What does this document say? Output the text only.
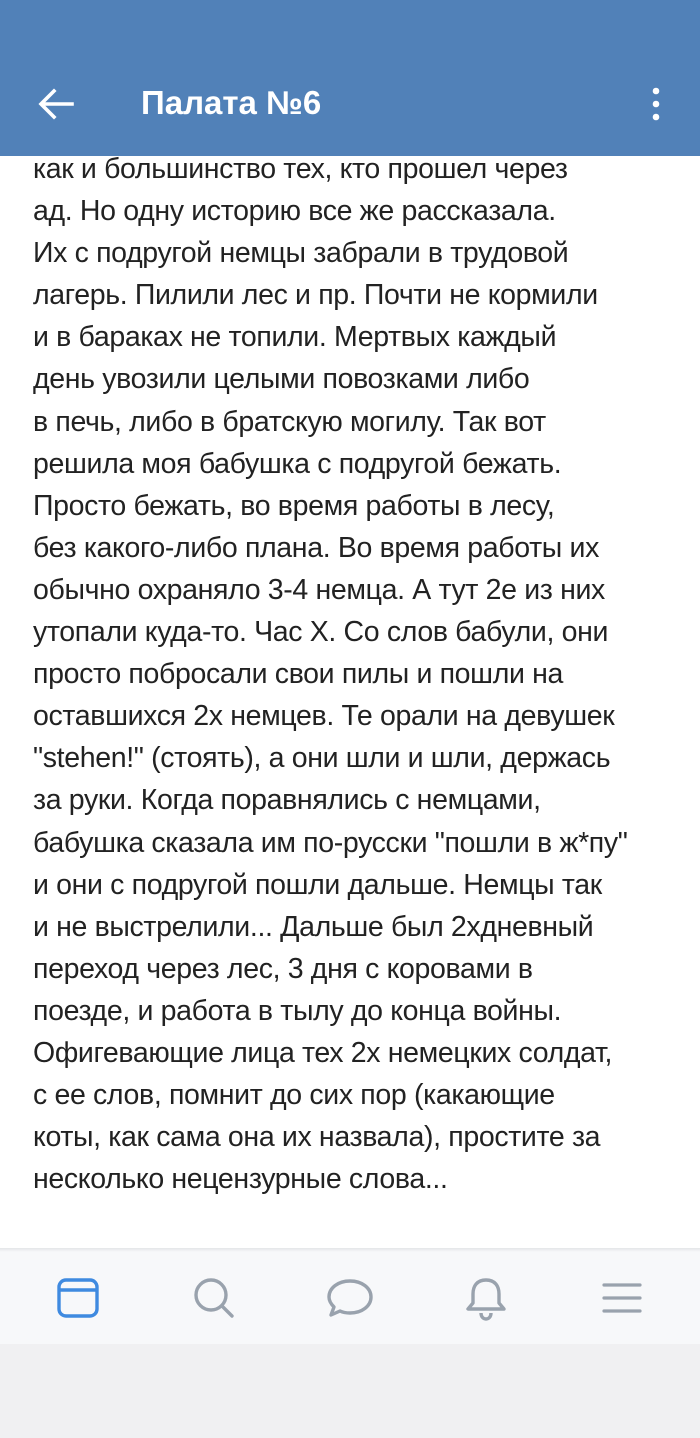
Палата №6
как и большинство тех, кто прошел через
ад. Но одну историю все же рассказала.
Их с подругой немцы забрали в трудовой
лагерь. Пилили лес и пр. Почти не кормили
и в бараках не топили. Мертвых каждый
день увозили целыми повозками либо
в печь, либо в братскую могилу. Так вот
решила моя бабушка с подругой бежать.
Просто бежать, во время работы в лесу,
без какого-либо плана. Во время работы их
обычно охраняло 3-4 немца. А тут 2е из них
утопали куда-то. Час Х. Со слов бабули, они
просто побросали свои пилы и пошли на
оставшихся 2х немцев. Те орали на девушек
"stehen!" (стоять), а они шли и шли, держась
за руки. Когда поравнялись с немцами,
бабушка сказала им по-русски "пошли в ж*пу"
и они с подругой пошли дальше. Немцы так
и не выстрелили... Дальше был 2хдневный
переход через лес, 3 дня с коровами в
поезде, и работа в тылу до конца войны.
Офигевающие лица тех 2х немецких солдат,
с ее слов, помнит до сих пор (какающие
коты, как сама она их назвала), простите за
несколько нецензурные слова...
